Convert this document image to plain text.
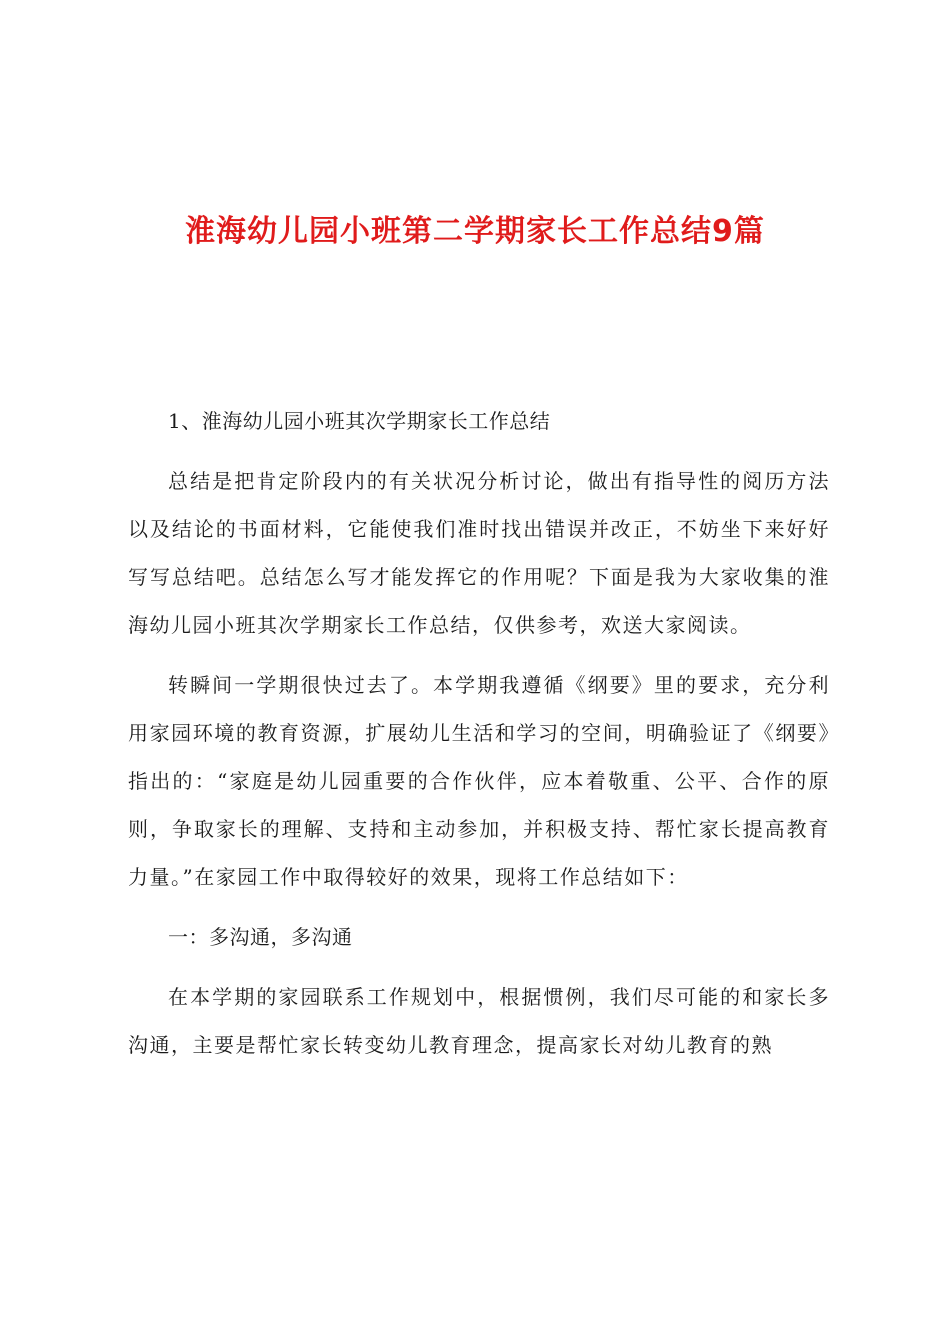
淮海幼儿园小班第二学期家长工作总结9篇

1、淮海幼儿园小班其次学期家长工作总结

总结是把肯定阶段内的有关状况分析讨论，做出有指导性的阅历方法以及结论的书面材料，它能使我们准时找出错误并改正，不妨坐下来好好写写总结吧。总结怎么写才能发挥它的作用呢？下面是我为大家收集的淮海幼儿园小班其次学期家长工作总结，仅供参考，欢送大家阅读。

转瞬间一学期很快过去了。本学期我遵循《纲要》里的要求，充分利用家园环境的教育资源，扩展幼儿生活和学习的空间，明确验证了《纲要》指出的：“家庭是幼儿园重要的合作伙伴，应本着敬重、公平、合作的原则，争取家长的理解、支持和主动参加，并积极支持、帮忙家长提高教育力量。”在家园工作中取得较好的效果，现将工作总结如下：

一：多沟通，多沟通

在本学期的家园联系工作规划中，根据惯例，我们尽可能的和家长多沟通，主要是帮忙家长转变幼儿教育理念，提高家长对幼儿教育的熟
